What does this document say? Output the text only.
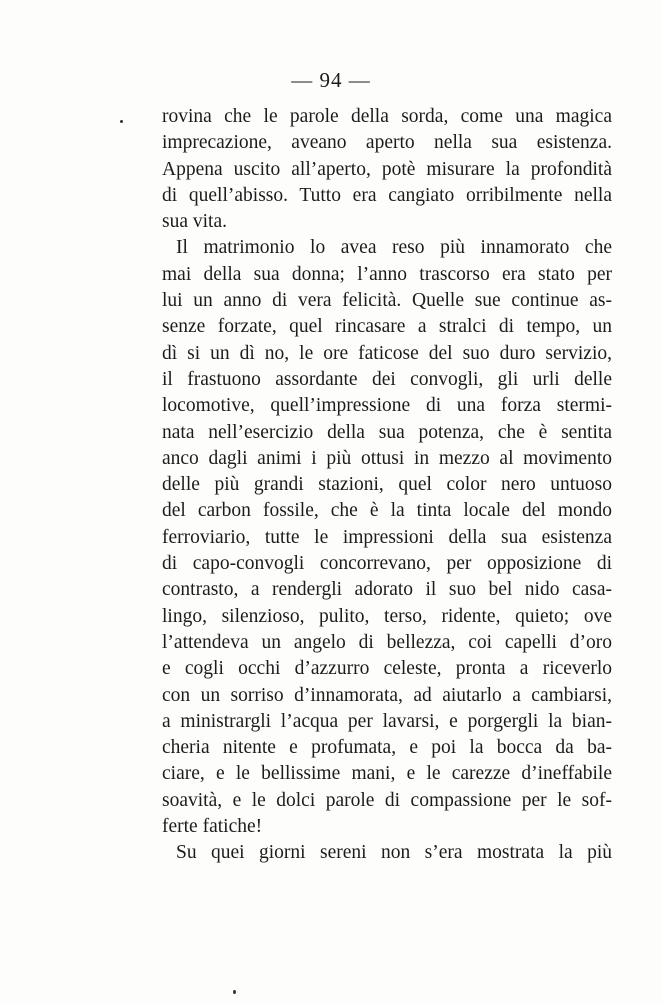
— 94 —
rovina che le parole della sorda, come una magica
imprecazione, aveano aperto nella sua esistenza.
Appena uscito all’aperto, potè misurare la profondità
di quell’abisso. Tutto era cangiato orribilmente nella
sua vita.
Il matrimonio lo avea reso più innamorato che
mai della sua donna; l’anno trascorso era stato per
lui un anno di vera felicità. Quelle sue continue as-
senze forzate, quel rincasare a stralci di tempo, un
dì si un dì no, le ore faticose del suo duro servizio,
il frastuono assordante dei convogli, gli urli delle
locomotive, quell’impressione di una forza stermi-
nata nell’esercizio della sua potenza, che è sentita
anco dagli animi i più ottusi in mezzo al movimento
delle più grandi stazioni, quel color nero untuoso
del carbon fossile, che è la tinta locale del mondo
ferroviario, tutte le impressioni della sua esistenza
di capo-convogli concorrevano, per opposizione di
contrasto, a rendergli adorato il suo bel nido casa-
lingo, silenzioso, pulito, terso, ridente, quieto; ove
l’attendeva un angelo di bellezza, coi capelli d’oro
e cogli occhi d’azzurro celeste, pronta a riceverlo
con un sorriso d’innamorata, ad aiutarlo a cambiarsi,
a ministrargli l’acqua per lavarsi, e porgergli la bian-
cheria nitente e profumata, e poi la bocca da ba-
ciare, e le bellissime mani, e le carezze d’ineffabile
soavità, e le dolci parole di compassione per le sof-
ferte fatiche!
Su quei giorni sereni non s’era mostrata la più
